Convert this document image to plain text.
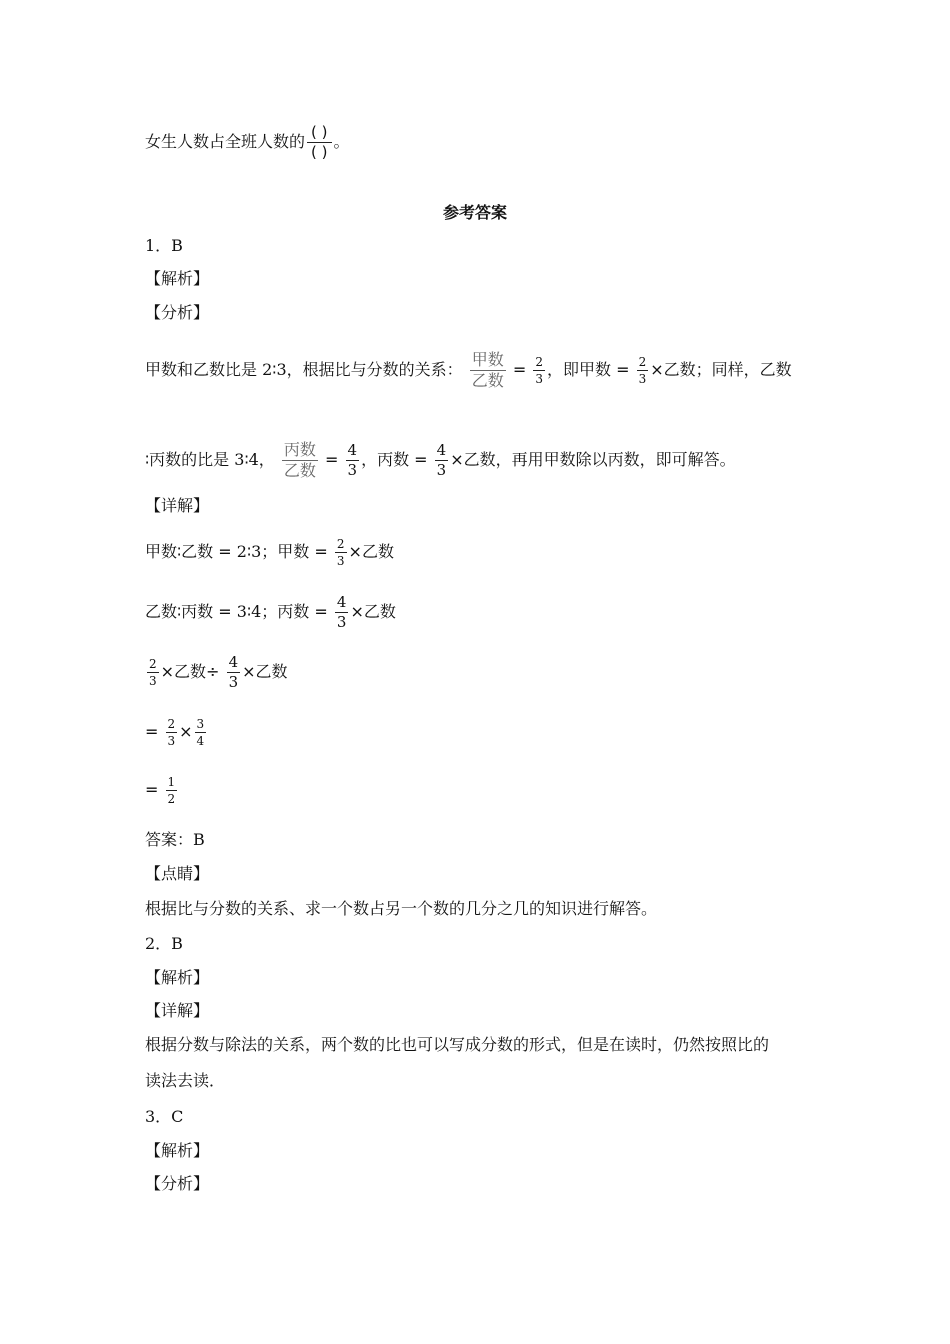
女生人数占全班人数的 $\frac{( )}{( )}$ 。
参考答案
1．B
【解析】
【分析】
甲数和乙数比是 2∶3，根据比与分数的关系： $\frac{\text{甲数}}{\text{乙数}} = \frac{2}{3}$ ，即甲数 = $\frac{2}{3}$ ×乙数；同样，乙数
∶丙数的比是 3∶4， $\frac{\text{丙数}}{\text{乙数}} = \frac{4}{3}$ ，丙数 = $\frac{4}{3}$ ×乙数，再用甲数除以丙数，即可解答。
【详解】
甲数∶乙数 = 2∶3；甲数 = $\frac{2}{3}$ ×乙数
乙数∶丙数 = 3∶4；丙数 = $\frac{4}{3}$ ×乙数
$\frac{2}{3}$ ×乙数÷ $\frac{4}{3}$ ×乙数
= $\frac{2}{3} \times \frac{3}{4}$
= $\frac{1}{2}$
答案：B
【点睛】
根据比与分数的关系、求一个数占另一个数的几分之几的知识进行解答。
2．B
【解析】
【详解】
根据分数与除法的关系，两个数的比也可以写成分数的形式，但是在读时，仍然按照比的
读法去读．
3．C
【解析】
【分析】
